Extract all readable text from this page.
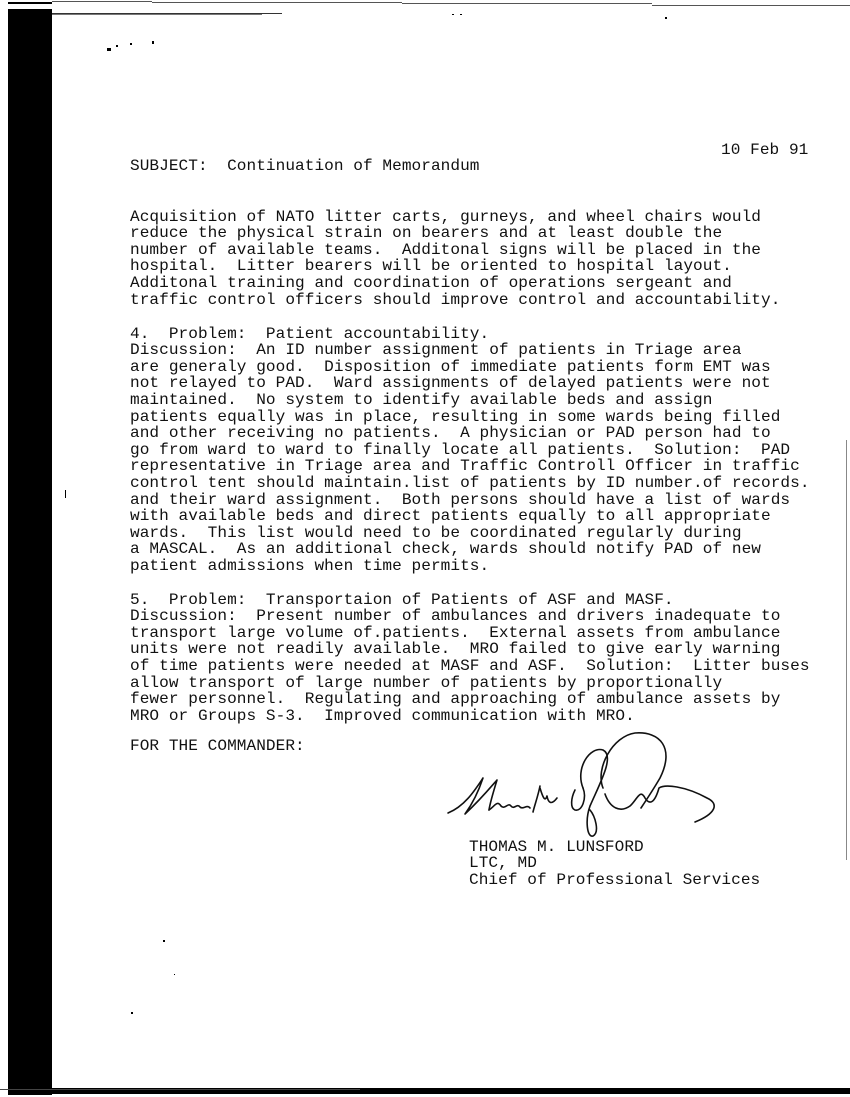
10 Feb 91
SUBJECT:  Continuation of Memorandum

Acquisition of NATO litter carts, gurneys, and wheel chairs would
reduce the physical strain on bearers and at least double the
number of available teams.  Additonal signs will be placed in the
hospital.  Litter bearers will be oriented to hospital layout.
Additonal training and coordination of operations sergeant and
traffic control officers should improve control and accountability.

4.  Problem:  Patient accountability.
Discussion:  An ID number assignment of patients in Triage area
are generaly good.  Disposition of immediate patients form EMT was
not relayed to PAD.  Ward assignments of delayed patients were not
maintained.  No system to identify available beds and assign
patients equally was in place, resulting in some wards being filled
and other receiving no patients.  A physician or PAD person had to
go from ward to ward to finally locate all patients.  Solution:  PAD
representative in Triage area and Traffic Controll Officer in traffic
control tent should maintain.list of patients by ID number.of records.
and their ward assignment.  Both persons should have a list of wards
with available beds and direct patients equally to all appropriate
wards.  This list would need to be coordinated regularly during
a MASCAL.  As an additional check, wards should notify PAD of new
patient admissions when time permits.

5.  Problem:  Transportaion of Patients of ASF and MASF.
Discussion:  Present number of ambulances and drivers inadequate to
transport large volume of.patients.  External assets from ambulance
units were not readily available.  MRO failed to give early warning
of time patients were needed at MASF and ASF.  Solution:  Litter buses
allow transport of large number of patients by proportionally
fewer personnel.  Regulating and approaching of ambulance assets by
MRO or Groups S-3.  Improved communication with MRO.

FOR THE COMMANDER:

THOMAS M. LUNSFORD
LTC, MD
Chief of Professional Services
